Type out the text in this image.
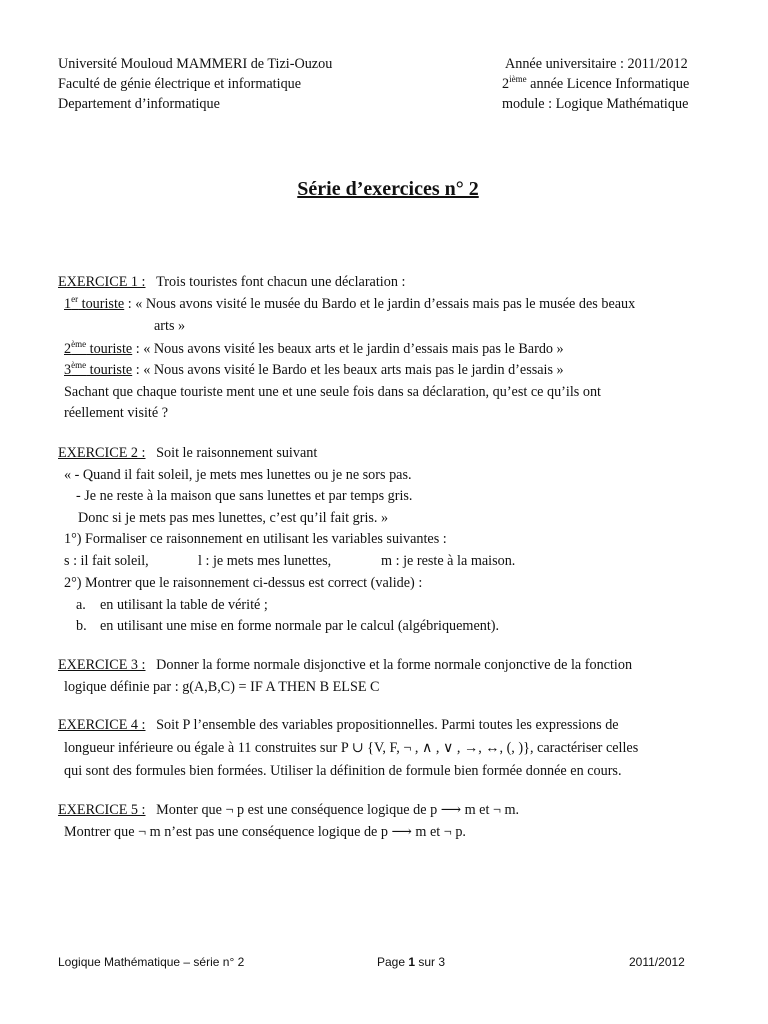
Université Mouloud MAMMERI de Tizi-Ouzou
Faculté de génie électrique et informatique
Departement d’informatique
Année universitaire : 2011/2012
2ième année Licence Informatique
module : Logique Mathématique
Série d’exercices n° 2
EXERCICE 1 : Trois touristes font chacun une déclaration :
1er touriste : « Nous avons visité le musée du Bardo et le jardin d’essais mais pas le musée des beaux
arts »
2ème touriste : « Nous avons visité les beaux arts et le jardin d’essais mais pas le Bardo »
3ème touriste : « Nous avons visité le Bardo et les beaux arts mais pas le jardin d’essais »
Sachant que chaque touriste ment une et une seule fois dans sa déclaration, qu’est ce qu’ils ont
réellement visité ?
EXERCICE 2 : Soit le raisonnement suivant
« - Quand il fait soleil, je mets mes lunettes ou je ne sors pas.
- Je ne reste à la maison que sans lunettes et par temps gris.
Donc si je mets pas mes lunettes, c’est qu’il fait gris. »
1°) Formaliser ce raisonnement en utilisant les variables suivantes :
s : il fait soleil,	l : je mets mes lunettes,	m : je reste à la maison.
2°) Montrer que le raisonnement ci-dessus est correct (valide) :
a. en utilisant la table de vérité ;
b. en utilisant une mise en forme normale par le calcul (algébriquement).
EXERCICE 3 : Donner la forme normale disjonctive et la forme normale conjonctive de la fonction
logique définie par : g(A,B,C) = IF A THEN B ELSE C
EXERCICE 4 : Soit P l’ensemble des variables propositionnelles. Parmi toutes les expressions de
longueur inférieure ou égale à 11 construites sur P ∪ {V, F, ¬ , ∧ , ∨ , →, ↔, (, )}, caractériser celles
qui sont des formules bien formées. Utiliser la définition de formule bien formée donnée en cours.
EXERCICE 5 : Monter que ¬ p est une conséquence logique de p ⟶ m et ¬ m.
Montrer que ¬ m n’est pas une conséquence logique de p ⟶ m et ¬ p.
Logique Mathématique – série n° 2	Page 1 sur 3	2011/2012
